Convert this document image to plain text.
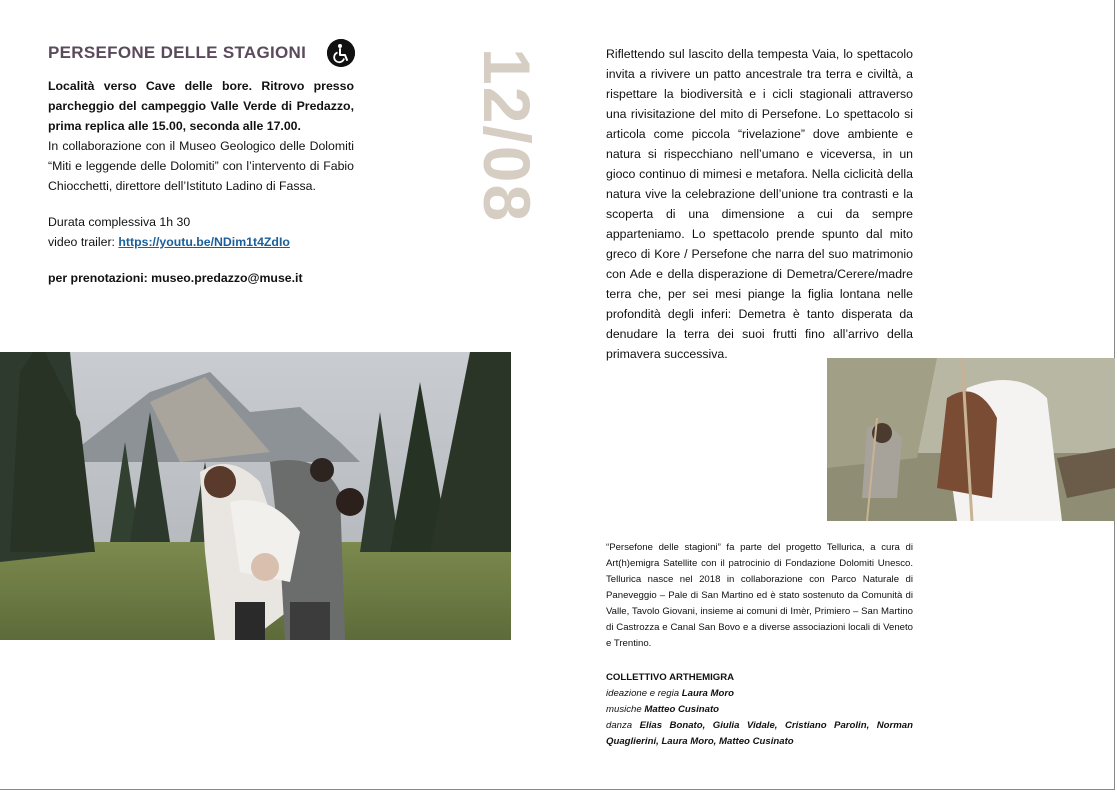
PERSEFONE DELLE STAGIONI

Località verso Cave delle bore. Ritrovo presso parcheggio del campeggio Valle Verde di Predazzo, prima replica alle 15.00, seconda alle 17.00.

In collaborazione con il Museo Geologico delle Dolomiti “Miti e leggende delle Dolomiti” con l’intervento di Fabio Chiocchetti, direttore dell’Istituto Ladino di Fassa.

Durata complessiva 1h 30

video trailer: https://youtu.be/NDim1t4ZdIo

per prenotazioni: museo.predazzo@muse.it

12/08	Riflettendo sul lascito della tempesta Vaia, lo spettacolo invita a rivivere un patto ancestrale tra terra e civiltà, a rispettare la biodiversità e i cicli stagionali attraverso una rivisitazione del mito di Persefone. Lo spettacolo si articola come piccola “rivelazione” dove ambiente e natura si rispecchiano nell’umano e viceversa, in un gioco continuo di mimesi e metafora. Nella ciclicità della natura vive la celebrazione dell’unione tra contrasti e la scoperta di una dimensione a cui da sempre apparteniamo. Lo spettacolo prende spunto dal mito greco di Kore / Persefone che narra del suo matrimonio con Ade e della disperazione di Demetra/Cerere/madre terra che, per sei mesi piange la figlia lontana nelle profondità degli inferi: Demetra è tanto disperata da denudare la terra dei suoi frutti fino all’arrivo della primavera successiva.

“Persefone delle stagioni” fa parte del progetto Tellurica, a cura di Art(h)emigra Satellite con il patrocinio di Fondazione Dolomiti Unesco. Tellurica nasce nel 2018 in collaborazione con Parco Naturale di Paneveggio – Pale di San Martino ed è stato sostenuto da Comunità di Valle, Tavolo Giovani, insieme ai comuni di Imèr, Primiero – San Martino di Castrozza e Canal San Bovo e a diverse associazioni locali di Veneto e Trentino.

COLLETTIVO ARTHEMIGRA

ideazione e regia Laura Moro

musiche Matteo Cusinato

danza Elias Bonato, Giulia Vidale, Cristiano Parolin, Norman Quaglierini, Laura Moro, Matteo Cusinato
